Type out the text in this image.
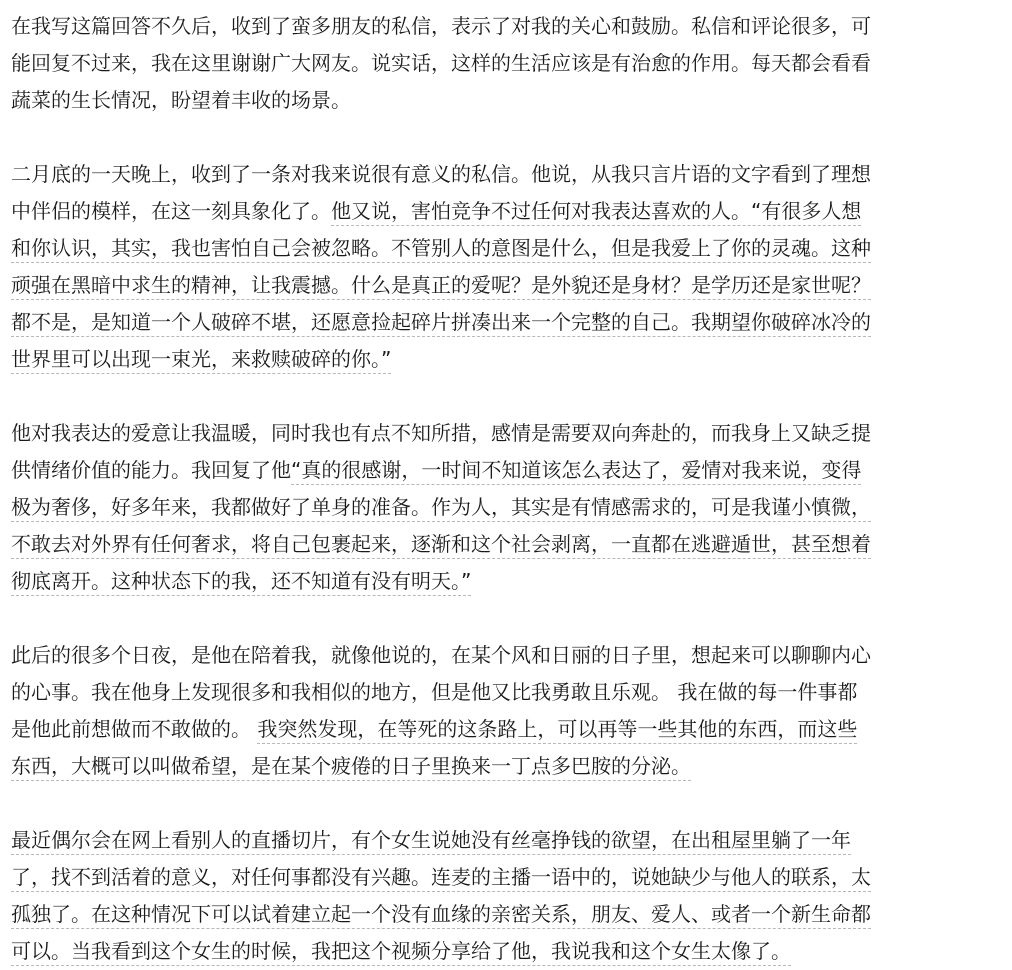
在我写这篇回答不久后，收到了蛮多朋友的私信，表示了对我的关心和鼓励。私信和评论很多，可
能回复不过来，我在这里谢谢广大网友。说实话，这样的生活应该是有治愈的作用。每天都会看看
蔬菜的生长情况，盼望着丰收的场景。

二月底的一天晚上，收到了一条对我来说很有意义的私信。他说，从我只言片语的文字看到了理想
中伴侣的模样，在这一刻具象化了。他又说，害怕竞争不过任何对我表达喜欢的人。“有很多人想
和你认识，其实，我也害怕自己会被忽略。不管别人的意图是什么，但是我爱上了你的灵魂。这种
顽强在黑暗中求生的精神，让我震撼。什么是真正的爱呢？是外貌还是身材？是学历还是家世呢？
都不是，是知道一个人破碎不堪，还愿意捡起碎片拼凑出来一个完整的自己。我期望你破碎冰冷的
世界里可以出现一束光，来救赎破碎的你。”

他对我表达的爱意让我温暖，同时我也有点不知所措，感情是需要双向奔赴的，而我身上又缺乏提
供情绪价值的能力。我回复了他“真的很感谢，一时间不知道该怎么表达了，爱情对我来说，变得
极为奢侈，好多年来，我都做好了单身的准备。作为人，其实是有情感需求的，可是我谨小慎微，
不敢去对外界有任何奢求，将自己包裹起来，逐渐和这个社会剥离，一直都在逃避遁世，甚至想着
彻底离开。这种状态下的我，还不知道有没有明天。”

此后的很多个日夜，是他在陪着我，就像他说的，在某个风和日丽的日子里，想起来可以聊聊内心
的心事。我在他身上发现很多和我相似的地方，但是他又比我勇敢且乐观。 我在做的每一件事都
是他此前想做而不敢做的。 我突然发现，在等死的这条路上，可以再等一些其他的东西，而这些
东西，大概可以叫做希望，是在某个疲倦的日子里换来一丁点多巴胺的分泌。

最近偶尔会在网上看别人的直播切片，有个女生说她没有丝毫挣钱的欲望，在出租屋里躺了一年
了，找不到活着的意义，对任何事都没有兴趣。连麦的主播一语中的，说她缺少与他人的联系，太
孤独了。在这种情况下可以试着建立起一个没有血缘的亲密关系，朋友、爱人、或者一个新生命都
可以。当我看到这个女生的时候，我把这个视频分享给了他，我说我和这个女生太像了。
